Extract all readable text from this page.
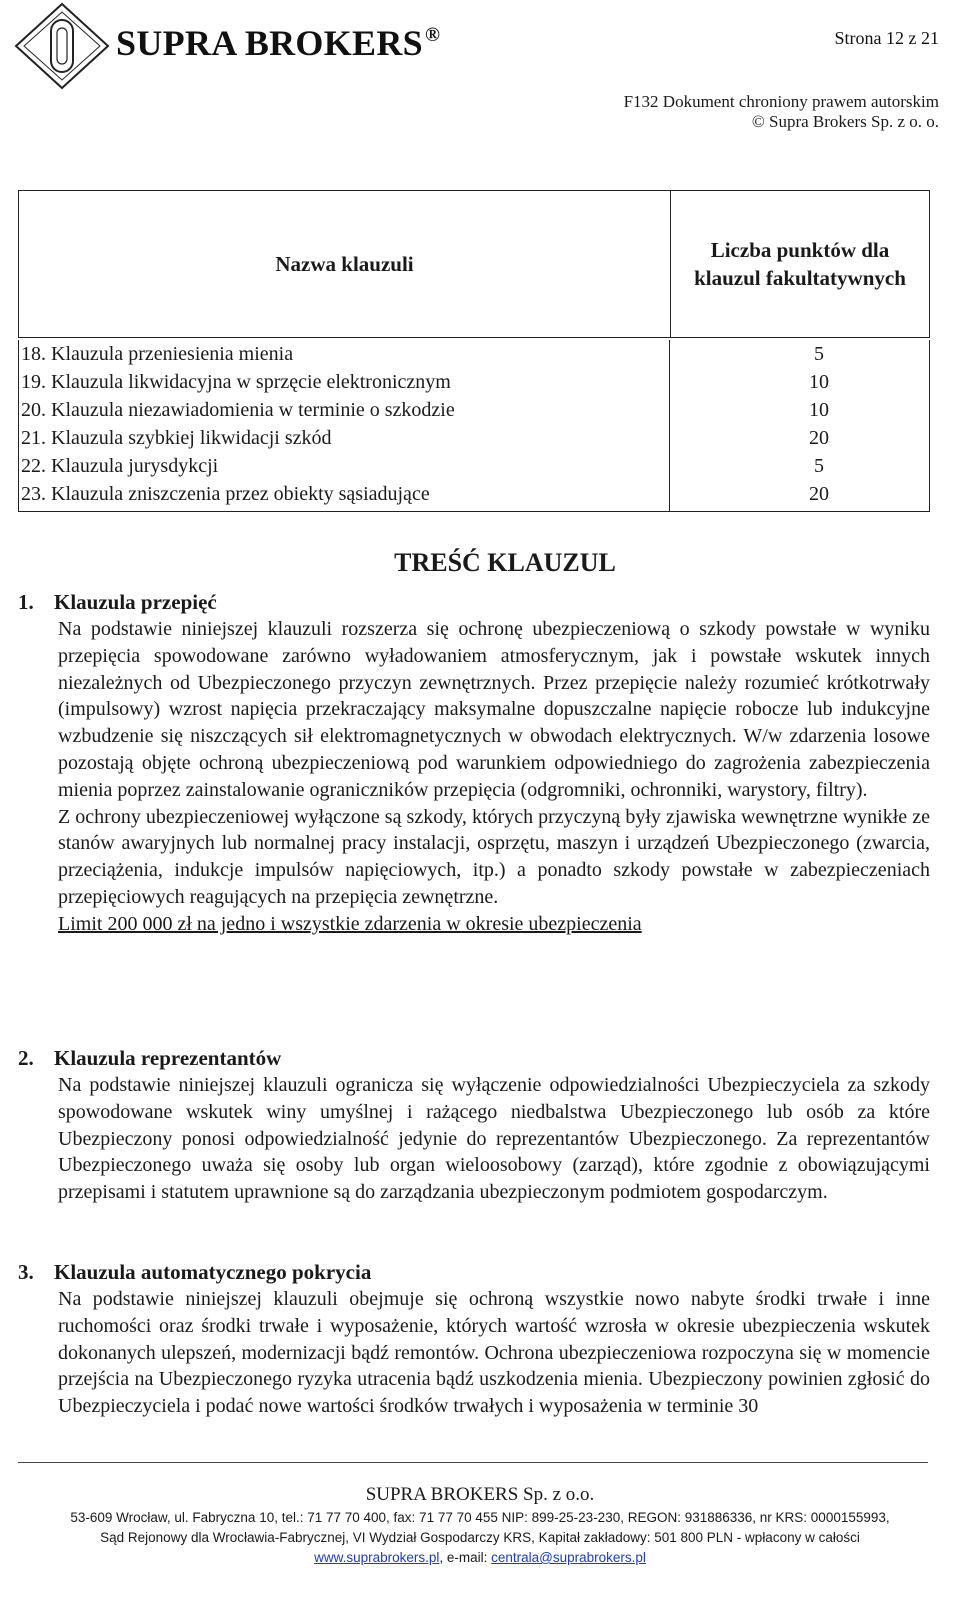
SUPRA BROKERS ®	Strona 12 z 21
F132 Dokument chroniony prawem autorskim
© Supra Brokers Sp. z o. o.
Nazwa klauzuli	Liczba punktów dla
klauzul fakultatywnych
18. Klauzula przeniesienia mienia	5
19. Klauzula likwidacyjna w sprzęcie elektronicznym	10
20. Klauzula niezawiadomienia w terminie o szkodzie	10
21. Klauzula szybkiej likwidacji szkód	20
22. Klauzula jurysdykcji	5
23. Klauzula zniszczenia przez obiekty sąsiadujące	20
TREŚĆ KLAUZUL
1. Klauzula przepięć

Na podstawie niniejszej klauzuli rozszerza się ochronę ubezpieczeniową o szkody powstałe w wyniku przepięcia spowodowane zarówno wyładowaniem atmosferycznym, jak i powstałe wskutek innych niezależnych od Ubezpieczonego przyczyn zewnętrznych. Przez przepięcie należy rozumieć krótkotrwały (impulsowy) wzrost napięcia przekraczający maksymalne dopuszczalne napięcie robocze lub indukcyjne wzbudzenie się niszczących sił elektromagnetycznych w obwodach elektrycznych. W/w zdarzenia losowe pozostają objęte ochroną ubezpieczeniową pod warunkiem odpowiedniego do zagrożenia zabezpieczenia mienia poprzez zainstalowanie ograniczników przepięcia (odgromniki, ochronniki, warystory, filtry).

Z ochrony ubezpieczeniowej wyłączone są szkody, których przyczyną były zjawiska wewnętrzne wynikłe ze stanów awaryjnych lub normalnej pracy instalacji, osprzętu, maszyn i urządzeń Ubezpieczonego (zwarcia, przeciążenia, indukcje impulsów napięciowych, itp.) a ponadto szkody powstałe w zabezpieczeniach przepięciowych reagujących na przepięcia zewnętrzne.

Limit 200 000 zł na jedno i wszystkie zdarzenia w okresie ubezpieczenia

2. Klauzula reprezentantów

Na podstawie niniejszej klauzuli ogranicza się wyłączenie odpowiedzialności Ubezpieczyciela za szkody spowodowane wskutek winy umyślnej i rażącego niedbalstwa Ubezpieczonego lub osób za które Ubezpieczony ponosi odpowiedzialność jedynie do reprezentantów Ubezpieczonego. Za reprezentantów Ubezpieczonego uważa się osoby lub organ wieloosobowy (zarząd), które zgodnie z obowiązującymi przepisami i statutem uprawnione są do zarządzania ubezpieczonym podmiotem gospodarczym.

3. Klauzula automatycznego pokrycia

Na podstawie niniejszej klauzuli obejmuje się ochroną wszystkie nowo nabyte środki trwałe i inne ruchomości oraz środki trwałe i wyposażenie, których wartość wzrosła w okresie ubezpieczenia wskutek dokonanych ulepszeń, modernizacji bądź remontów. Ochrona ubezpieczeniowa rozpoczyna się w momencie przejścia na Ubezpieczonego ryzyka utracenia bądź uszkodzenia mienia. Ubezpieczony powinien zgłosić do Ubezpieczyciela i podać nowe wartości środków trwałych i wyposażenia w terminie 30

SUPRA BROKERS Sp. z o.o.
53-609 Wrocław, ul. Fabryczna 10, tel.: 71 77 70 400, fax: 71 77 70 455 NIP: 899-25-23-230, REGON: 931886336, nr KRS: 0000155993,
Sąd Rejonowy dla Wrocławia-Fabrycznej, VI Wydział Gospodarczy KRS, Kapitał zakładowy: 501 800 PLN - wpłacony w całości
www.suprabrokers.pl, e-mail: centrala@suprabrokers.pl
